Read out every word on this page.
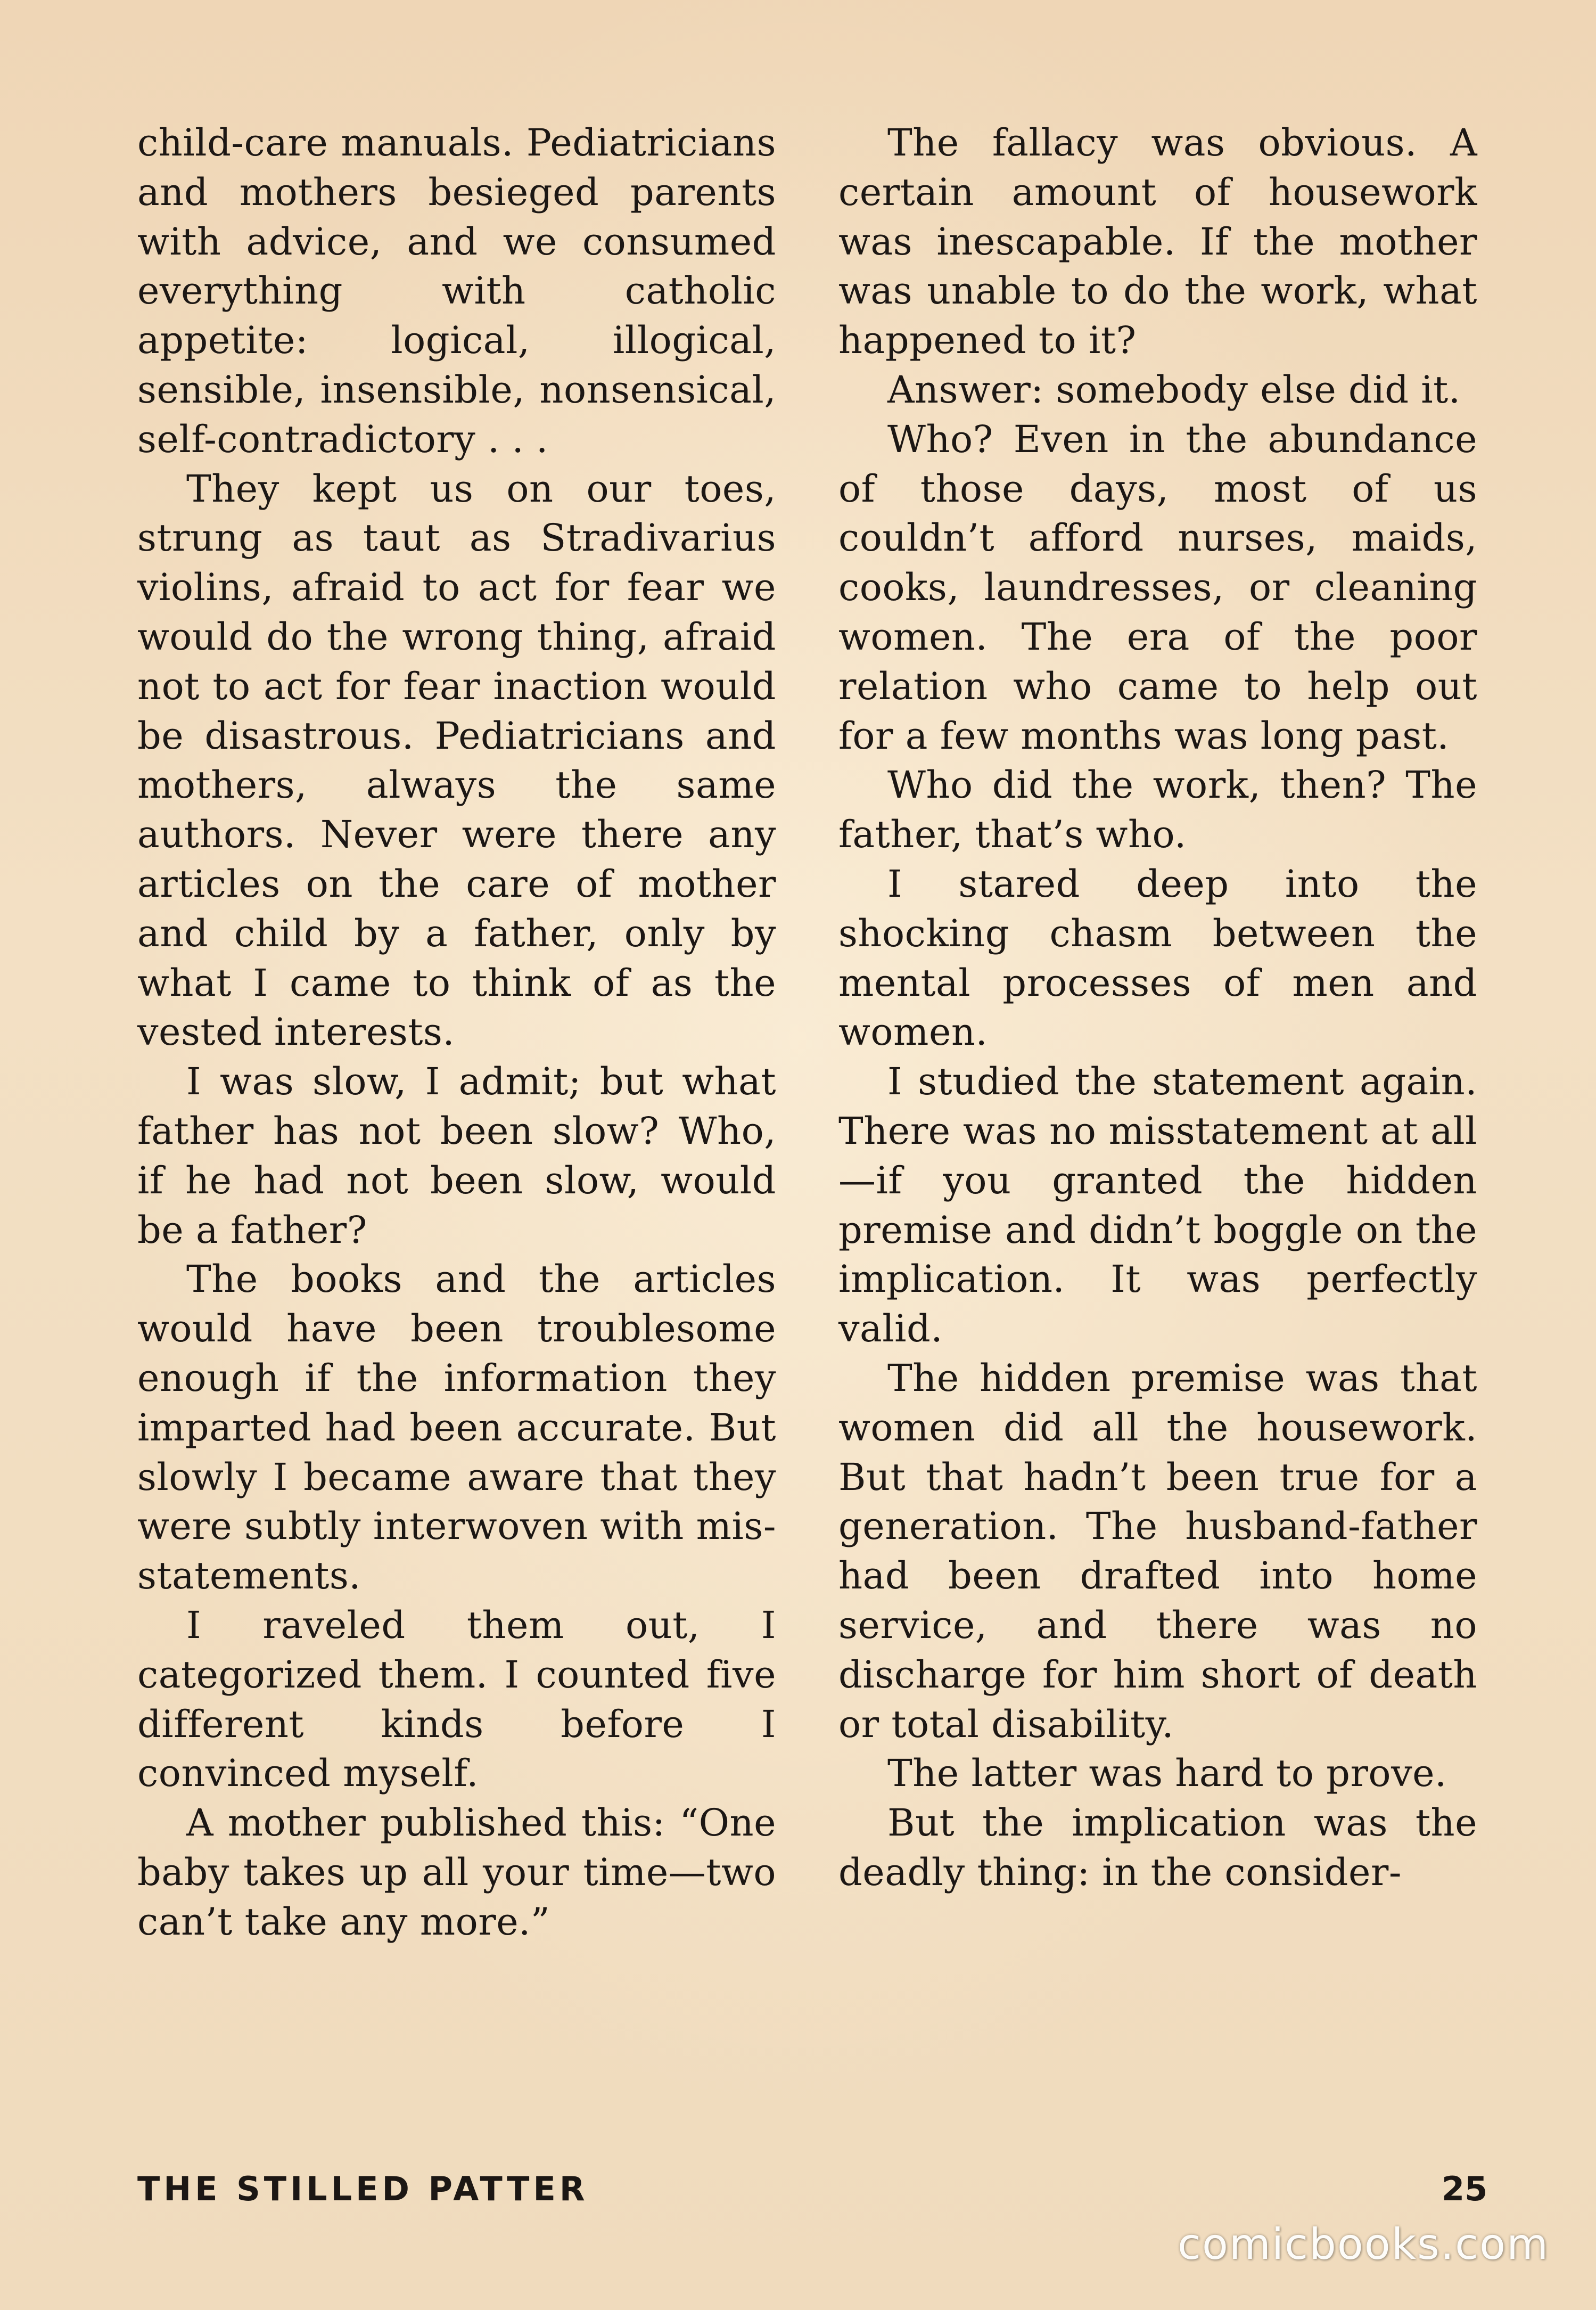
child-care manuals. Pediatricians and mothers besieged parents with advice, and we consumed everything with catholic appetite: logical, illogical, sensible, insensible, nonsensical, self-contradictory . . .

They kept us on our toes, strung as taut as Stradivarius violins, afraid to act for fear we would do the wrong thing, afraid not to act for fear inaction would be disastrous. Pediatricians and mothers, always the same authors. Never were there any articles on the care of mother and child by a father, only by what I came to think of as the vested interests.

I was slow, I admit; but what father has not been slow? Who, if he had not been slow, would be a father?

The books and the articles would have been troublesome enough if the information they imparted had been accurate. But slowly I became aware that they were subtly interwoven with mis-statements.

I raveled them out, I categorized them. I counted five different kinds before I convinced myself.

A mother published this: “One baby takes up all your time—two can’t take any more.”

The fallacy was obvious. A certain amount of housework was inescapable. If the mother was unable to do the work, what happened to it?

Answer: somebody else did it.

Who? Even in the abundance of those days, most of us couldn’t afford nurses, maids, cooks, laundresses, or cleaning women. The era of the poor relation who came to help out for a few months was long past.

Who did the work, then? The father, that’s who.

I stared deep into the shocking chasm between the mental processes of men and women.

I studied the statement again. There was no misstatement at all—if you granted the hidden premise and didn’t boggle on the implication. It was perfectly valid.

The hidden premise was that women did all the housework. But that hadn’t been true for a generation. The husband-father had been drafted into home service, and there was no discharge for him short of death or total disability.

The latter was hard to prove.

But the implication was the deadly thing: in the consider-

THE STILLED PATTER	25
comicbooks.com
